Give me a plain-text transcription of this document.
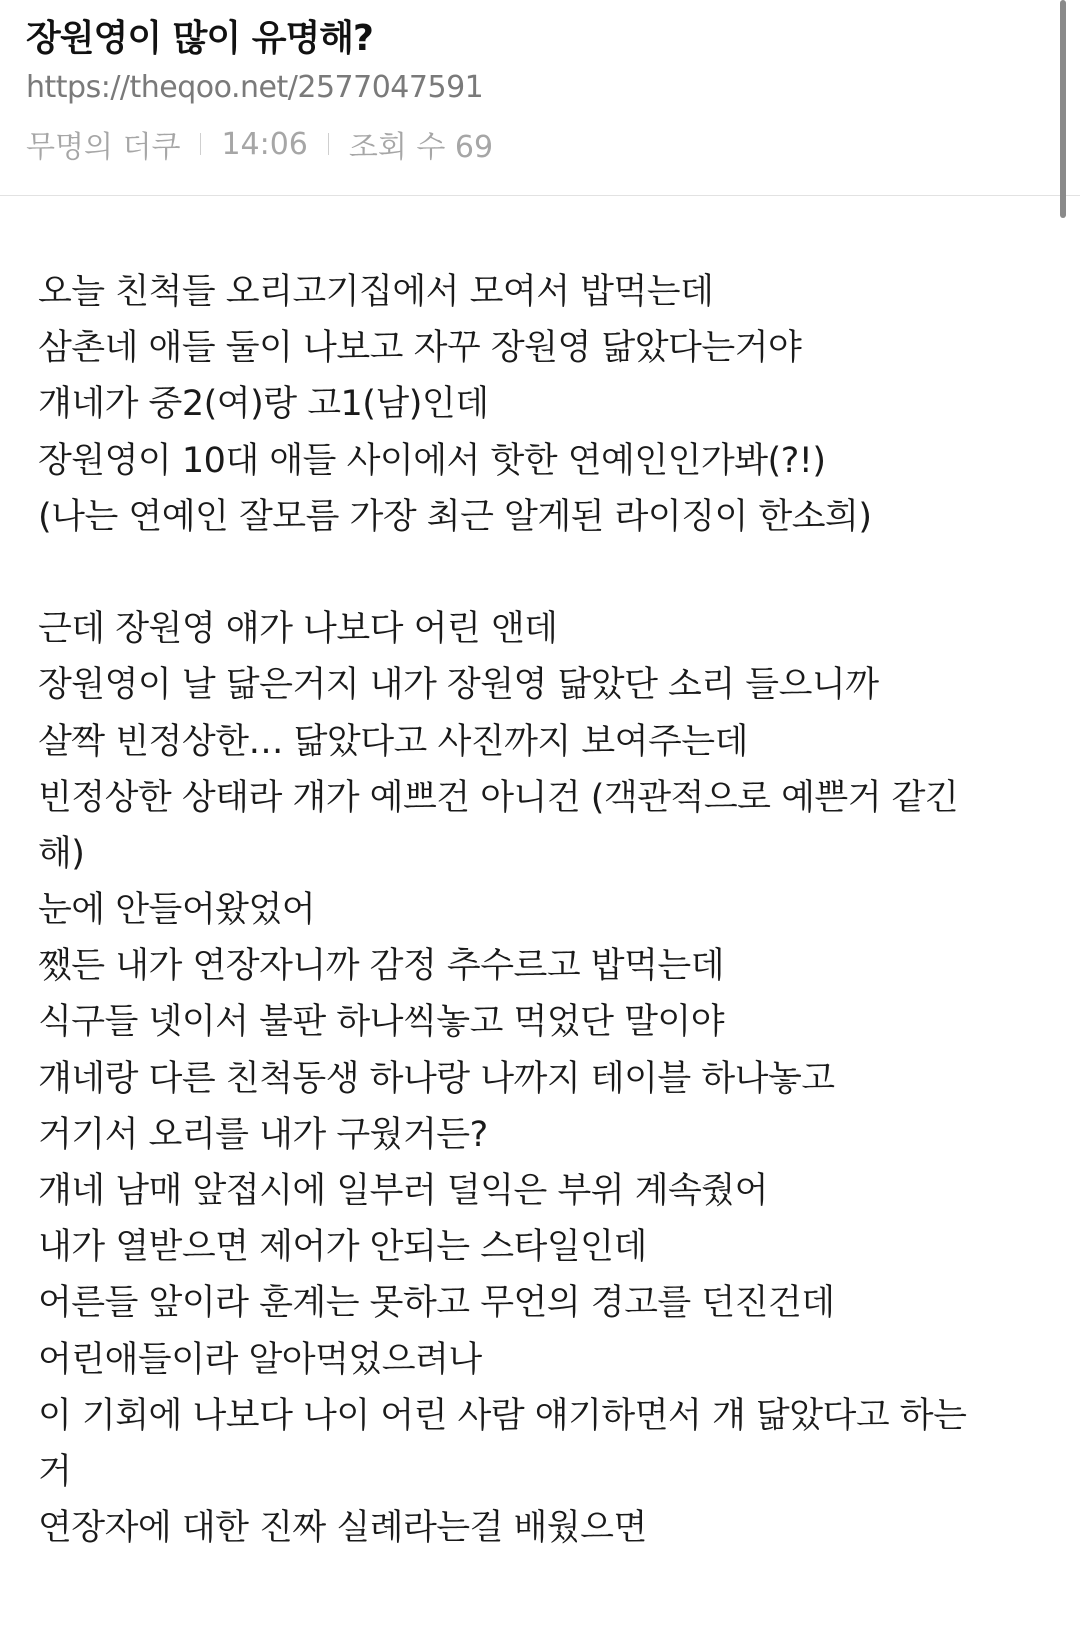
장원영이 많이 유명해?
https://theqoo.net/2577047591
무명의 더쿠 14:06 조회 수 69
오늘 친척들 오리고기집에서 모여서 밥먹는데
삼촌네 애들 둘이 나보고 자꾸 장원영 닮았다는거야
걔네가 중2(여)랑 고1(남)인데
장원영이 10대 애들 사이에서 핫한 연예인인가봐(?!)
(나는 연예인 잘모름 가장 최근 알게된 라이징이 한소희)
근데 장원영 얘가 나보다 어린 앤데
장원영이 날 닮은거지 내가 장원영 닮았단 소리 들으니까
살짝 빈정상한… 닮았다고 사진까지 보여주는데
빈정상한 상태라 걔가 예쁘건 아니건 (객관적으로 예쁜거 같긴
해)
눈에 안들어왔었어
쨌든 내가 연장자니까 감정 추수르고 밥먹는데
식구들 넷이서 불판 하나씩놓고 먹었단 말이야
걔네랑 다른 친척동생 하나랑 나까지 테이블 하나놓고
거기서 오리를 내가 구웠거든?
걔네 남매 앞접시에 일부러 덜익은 부위 계속줬어
내가 열받으면 제어가 안되는 스타일인데
어른들 앞이라 훈계는 못하고 무언의 경고를 던진건데
어린애들이라 알아먹었으려나
이 기회에 나보다 나이 어린 사람 얘기하면서 걔 닮았다고 하는
거
연장자에 대한 진짜 실례라는걸 배웠으면
